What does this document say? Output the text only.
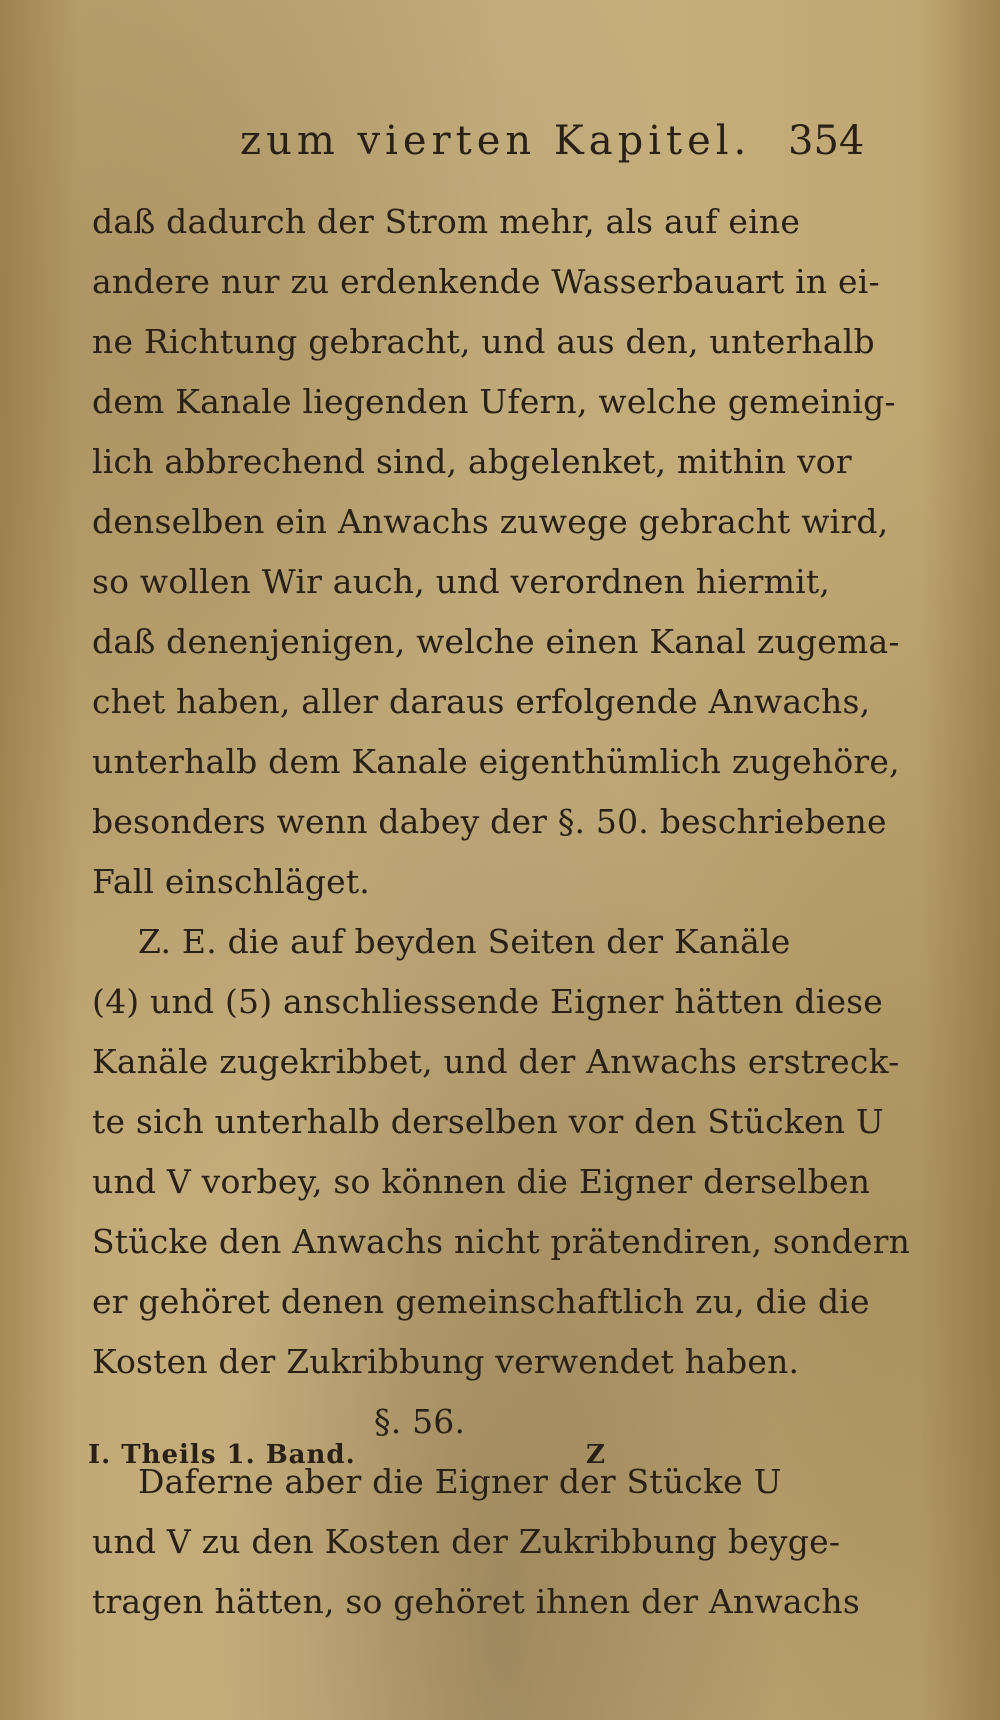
zum vierten Kapitel. 354
daß dadurch der Strom mehr, als auf eine
andere nur zu erdenkende Wasserbauart in ei-
ne Richtung gebracht, und aus den, unterhalb
dem Kanale liegenden Ufern, welche gemeinig-
lich abbrechend sind, abgelenket, mithin vor
denselben ein Anwachs zuwege gebracht wird,
so wollen Wir auch, und verordnen hiermit,
daß denenjenigen, welche einen Kanal zugema-
chet haben, aller daraus erfolgende Anwachs,
unterhalb dem Kanale eigenthümlich zugehöre,
besonders wenn dabey der §. 50. beschriebene
Fall einschläget.
Z. E. die auf beyden Seiten der Kanäle
(4) und (5) anschliessende Eigner hätten diese
Kanäle zugekribbet, und der Anwachs erstreck-
te sich unterhalb derselben vor den Stücken U
und V vorbey, so können die Eigner derselben
Stücke den Anwachs nicht prätendiren, sondern
er gehöret denen gemeinschaftlich zu, die die
Kosten der Zukribbung verwendet haben.
§. 56.
Daferne aber die Eigner der Stücke U
und V zu den Kosten der Zukribbung beyge-
tragen hätten, so gehöret ihnen der Anwachs
I. Theils 1. Band.	Z
